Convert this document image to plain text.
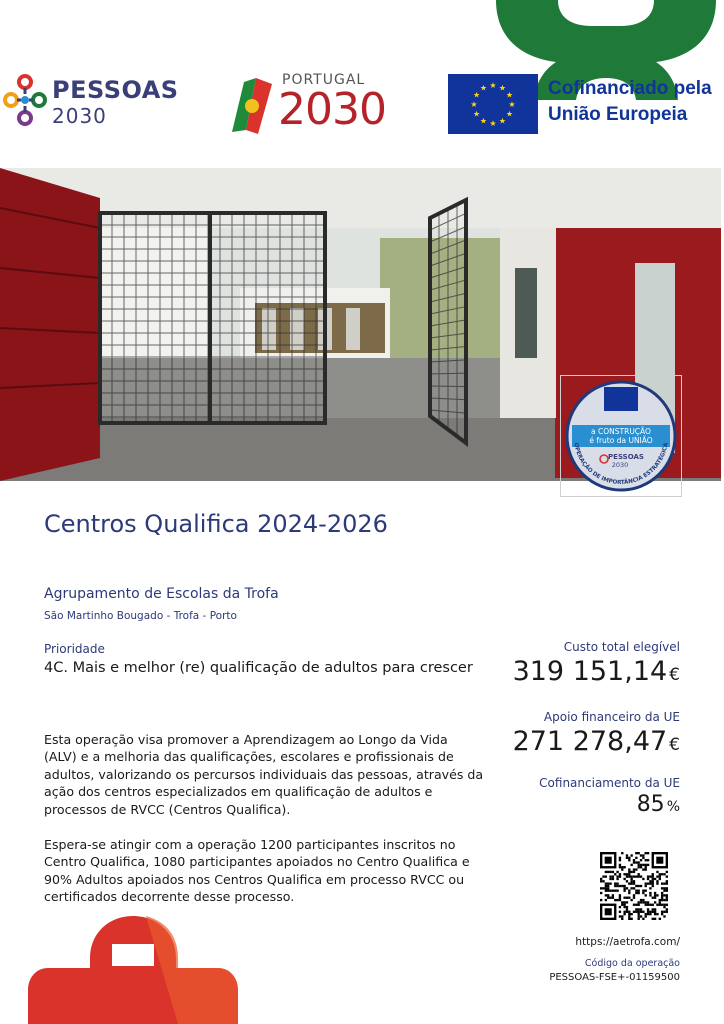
PESSOAS
2030
PORTUGAL
2030	★
★
★
★
★
★
★
★
★ ★ ★
★ Cofinanciado pela
União Europeia
a CONSTRUÇÃO
é fruto da UNIÃO
PESSOAS
2030
OPERAÇÃO DE IMPORTÂNCIA ESTRATÉGICA
Centros Qualifica 2024-2026
Agrupamento de Escolas da Trofa
São Martinho Bougado - Trofa - Porto
Prioridade
4C. Mais e melhor (re) qualificação de adultos para crescer
Esta operação visa promover a Aprendizagem ao Longo da Vida (ALV) e a melhoria das qualificações, escolares e profissionais de adultos, valorizando os percursos individuais das pessoas, através da ação dos centros especializados em qualificação de adultos e processos de RVCC (Centros Qualifica).
Espera-se atingir com a operação 1200 participantes inscritos no Centro Qualifica, 1080 participantes apoiados no Centro Qualifica e 90% Adultos apoiados nos Centros Qualifica em processo RVCC ou certificados decorrente desse processo.
Custo total elegível
319 151,14 €
Apoio financeiro da UE
271 278,47 €
Cofinanciamento da UE
85 %
https://aetrofa.com/
Código da operação
PESSOAS-FSE+-01159500
